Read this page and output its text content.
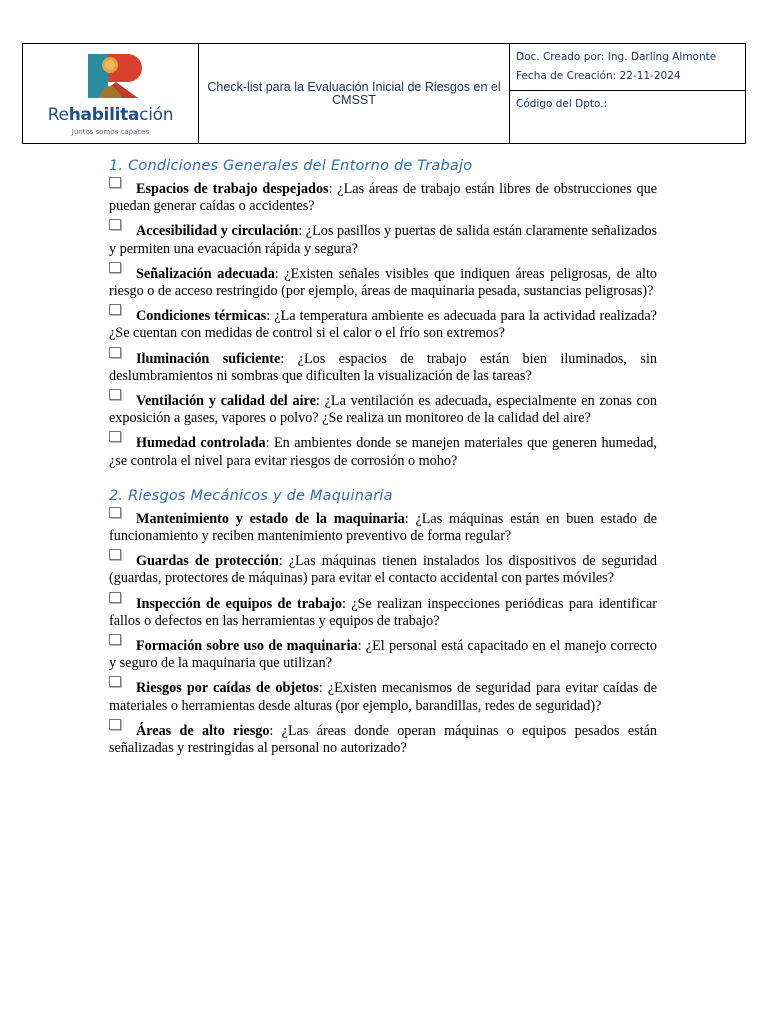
Rehabilitación
Juntos somos capaces
	Check-list para la Evaluación Inicial de Riesgos en el CMSST	
Doc. Creado por: Ing. Darling Almonte
Fecha de Creación: 22-11-2024

Código del Dpto.:
1. Condiciones Generales del Entorno de Trabajo
Espacios de trabajo despejados: ¿Las áreas de trabajo están libres de obstrucciones que puedan generar caídas o accidentes?
Accesibilidad y circulación: ¿Los pasillos y puertas de salida están claramente señalizados y permiten una evacuación rápida y segura?
Señalización adecuada: ¿Existen señales visibles que indiquen áreas peligrosas, de alto riesgo o de acceso restringido (por ejemplo, áreas de maquinaria pesada, sustancias peligrosas)?
Condiciones térmicas: ¿La temperatura ambiente es adecuada para la actividad realizada? ¿Se cuentan con medidas de control si el calor o el frío son extremos?
Iluminación suficiente: ¿Los espacios de trabajo están bien iluminados, sin deslumbramientos ni sombras que dificulten la visualización de las tareas?
Ventilación y calidad del aire: ¿La ventilación es adecuada, especialmente en zonas con exposición a gases, vapores o polvo? ¿Se realiza un monitoreo de la calidad del aire?
Humedad controlada: En ambientes donde se manejen materiales que generen humedad, ¿se controla el nivel para evitar riesgos de corrosión o moho?
2. Riesgos Mecánicos y de Maquinaria
Mantenimiento y estado de la maquinaria: ¿Las máquinas están en buen estado de funcionamiento y reciben mantenimiento preventivo de forma regular?
Guardas de protección: ¿Las máquinas tienen instalados los dispositivos de seguridad (guardas, protectores de máquinas) para evitar el contacto accidental con partes móviles?
Inspección de equipos de trabajo: ¿Se realizan inspecciones periódicas para identificar fallos o defectos en las herramientas y equipos de trabajo?
Formación sobre uso de maquinaria: ¿El personal está capacitado en el manejo correcto y seguro de la maquinaria que utilizan?
Riesgos por caídas de objetos: ¿Existen mecanismos de seguridad para evitar caídas de materiales o herramientas desde alturas (por ejemplo, barandillas, redes de seguridad)?
Áreas de alto riesgo: ¿Las áreas donde operan máquinas o equipos pesados están señalizadas y restringidas al personal no autorizado?
